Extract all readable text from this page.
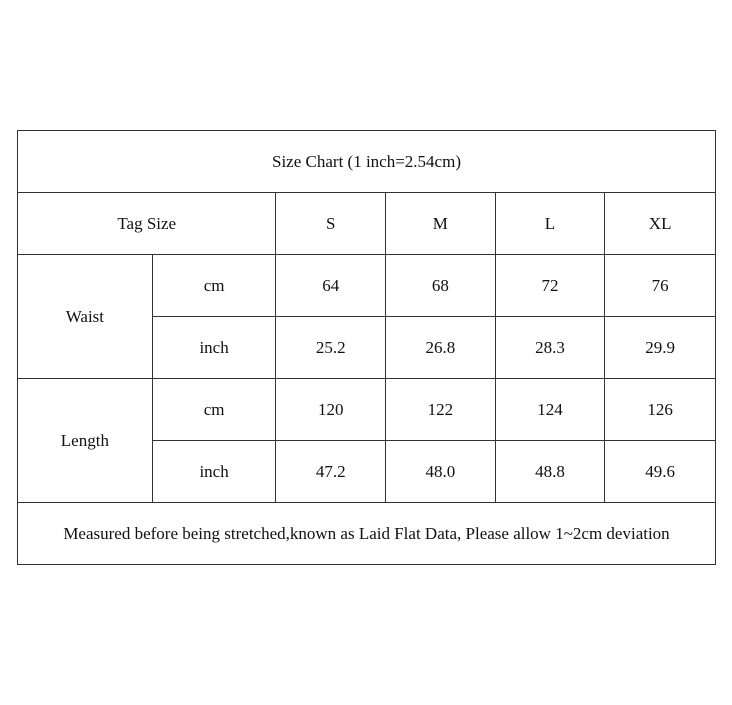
Size Chart (1 inch=2.54cm)					
Tag Size		S	M	L	XL
Waist	cm	64	68	72	76
	inch	25.2	26.8	28.3	29.9
Length	cm	120	122	124	126
	inch	47.2	48.0	48.8	49.6
Measured before being stretched,known as Laid Flat Data, Please allow 1~2cm deviation					
